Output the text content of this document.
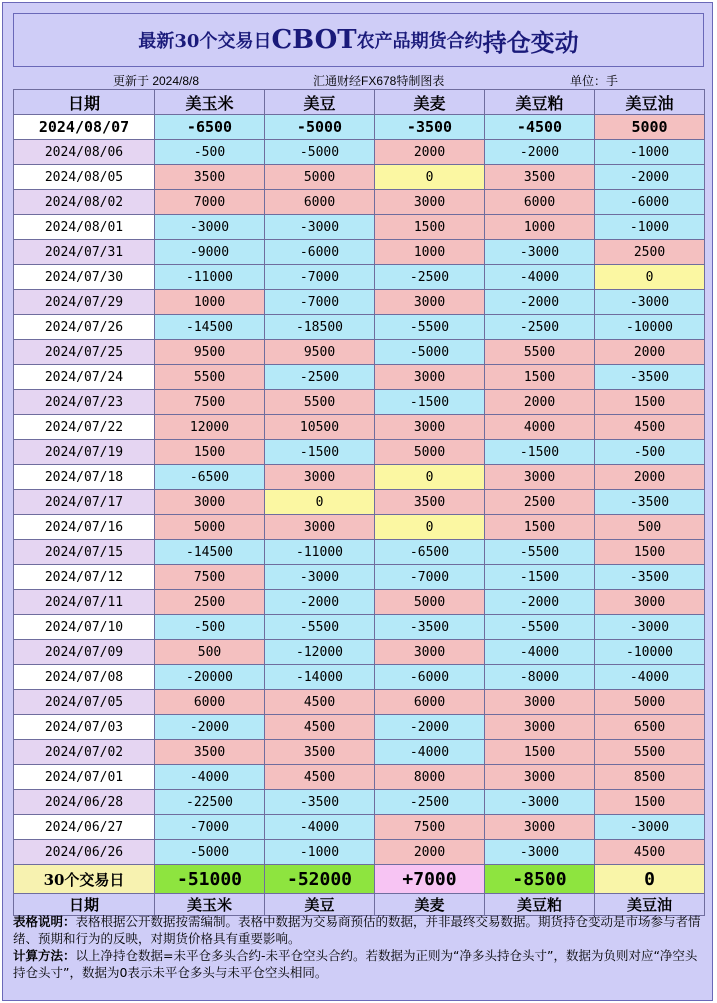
最新30个交易日 CBOT 农产品期货合约 持仓变动
更新于 2024/8/8	汇通财经FX678特制图表	单位：手
日期	美玉米	美豆	美麦	美豆粕	美豆油
2024/08/07	-6500	-5000	-3500	-4500	5000
2024/08/06	-500	-5000	2000	-2000	-1000
2024/08/05	3500	5000	0	3500	-2000
2024/08/02	7000	6000	3000	6000	-6000
2024/08/01	-3000	-3000	1500	1000	-1000
2024/07/31	-9000	-6000	1000	-3000	2500
2024/07/30	-11000	-7000	-2500	-4000	0
2024/07/29	1000	-7000	3000	-2000	-3000
2024/07/26	-14500	-18500	-5500	-2500	-10000
2024/07/25	9500	9500	-5000	5500	2000
2024/07/24	5500	-2500	3000	1500	-3500
2024/07/23	7500	5500	-1500	2000	1500
2024/07/22	12000	10500	3000	4000	4500
2024/07/19	1500	-1500	5000	-1500	-500
2024/07/18	-6500	3000	0	3000	2000
2024/07/17	3000	0	3500	2500	-3500
2024/07/16	5000	3000	0	1500	500
2024/07/15	-14500	-11000	-6500	-5500	1500
2024/07/12	7500	-3000	-7000	-1500	-3500
2024/07/11	2500	-2000	5000	-2000	3000
2024/07/10	-500	-5500	-3500	-5500	-3000
2024/07/09	500	-12000	3000	-4000	-10000
2024/07/08	-20000	-14000	-6000	-8000	-4000
2024/07/05	6000	4500	6000	3000	5000
2024/07/03	-2000	4500	-2000	3000	6500
2024/07/02	3500	3500	-4000	1500	5500
2024/07/01	-4000	4500	8000	3000	8500
2024/06/28	-22500	-3500	-2500	-3000	1500
2024/06/27	-7000	-4000	7500	3000	-3000
2024/06/26	-5000	-1000	2000	-3000	4500
30个交易日	-51000	-52000	+7000	-8500	0
日期	美玉米	美豆	美麦	美豆粕	美豆油

表格说明：表格根据公开数据按需编制。表格中数据为交易商预估的数据，并非最终交易数据。期货持仓变动是市场参与者情绪、预期和行为的反映，对期货价格具有重要影响。

计算方法：以上净持仓数据=未平仓多头合约-未平仓空头合约。若数据为正则为“净多头持仓头寸”，数据为负则对应“净空头持仓头寸”，数据为0表示未平仓多头与未平仓空头相同。
